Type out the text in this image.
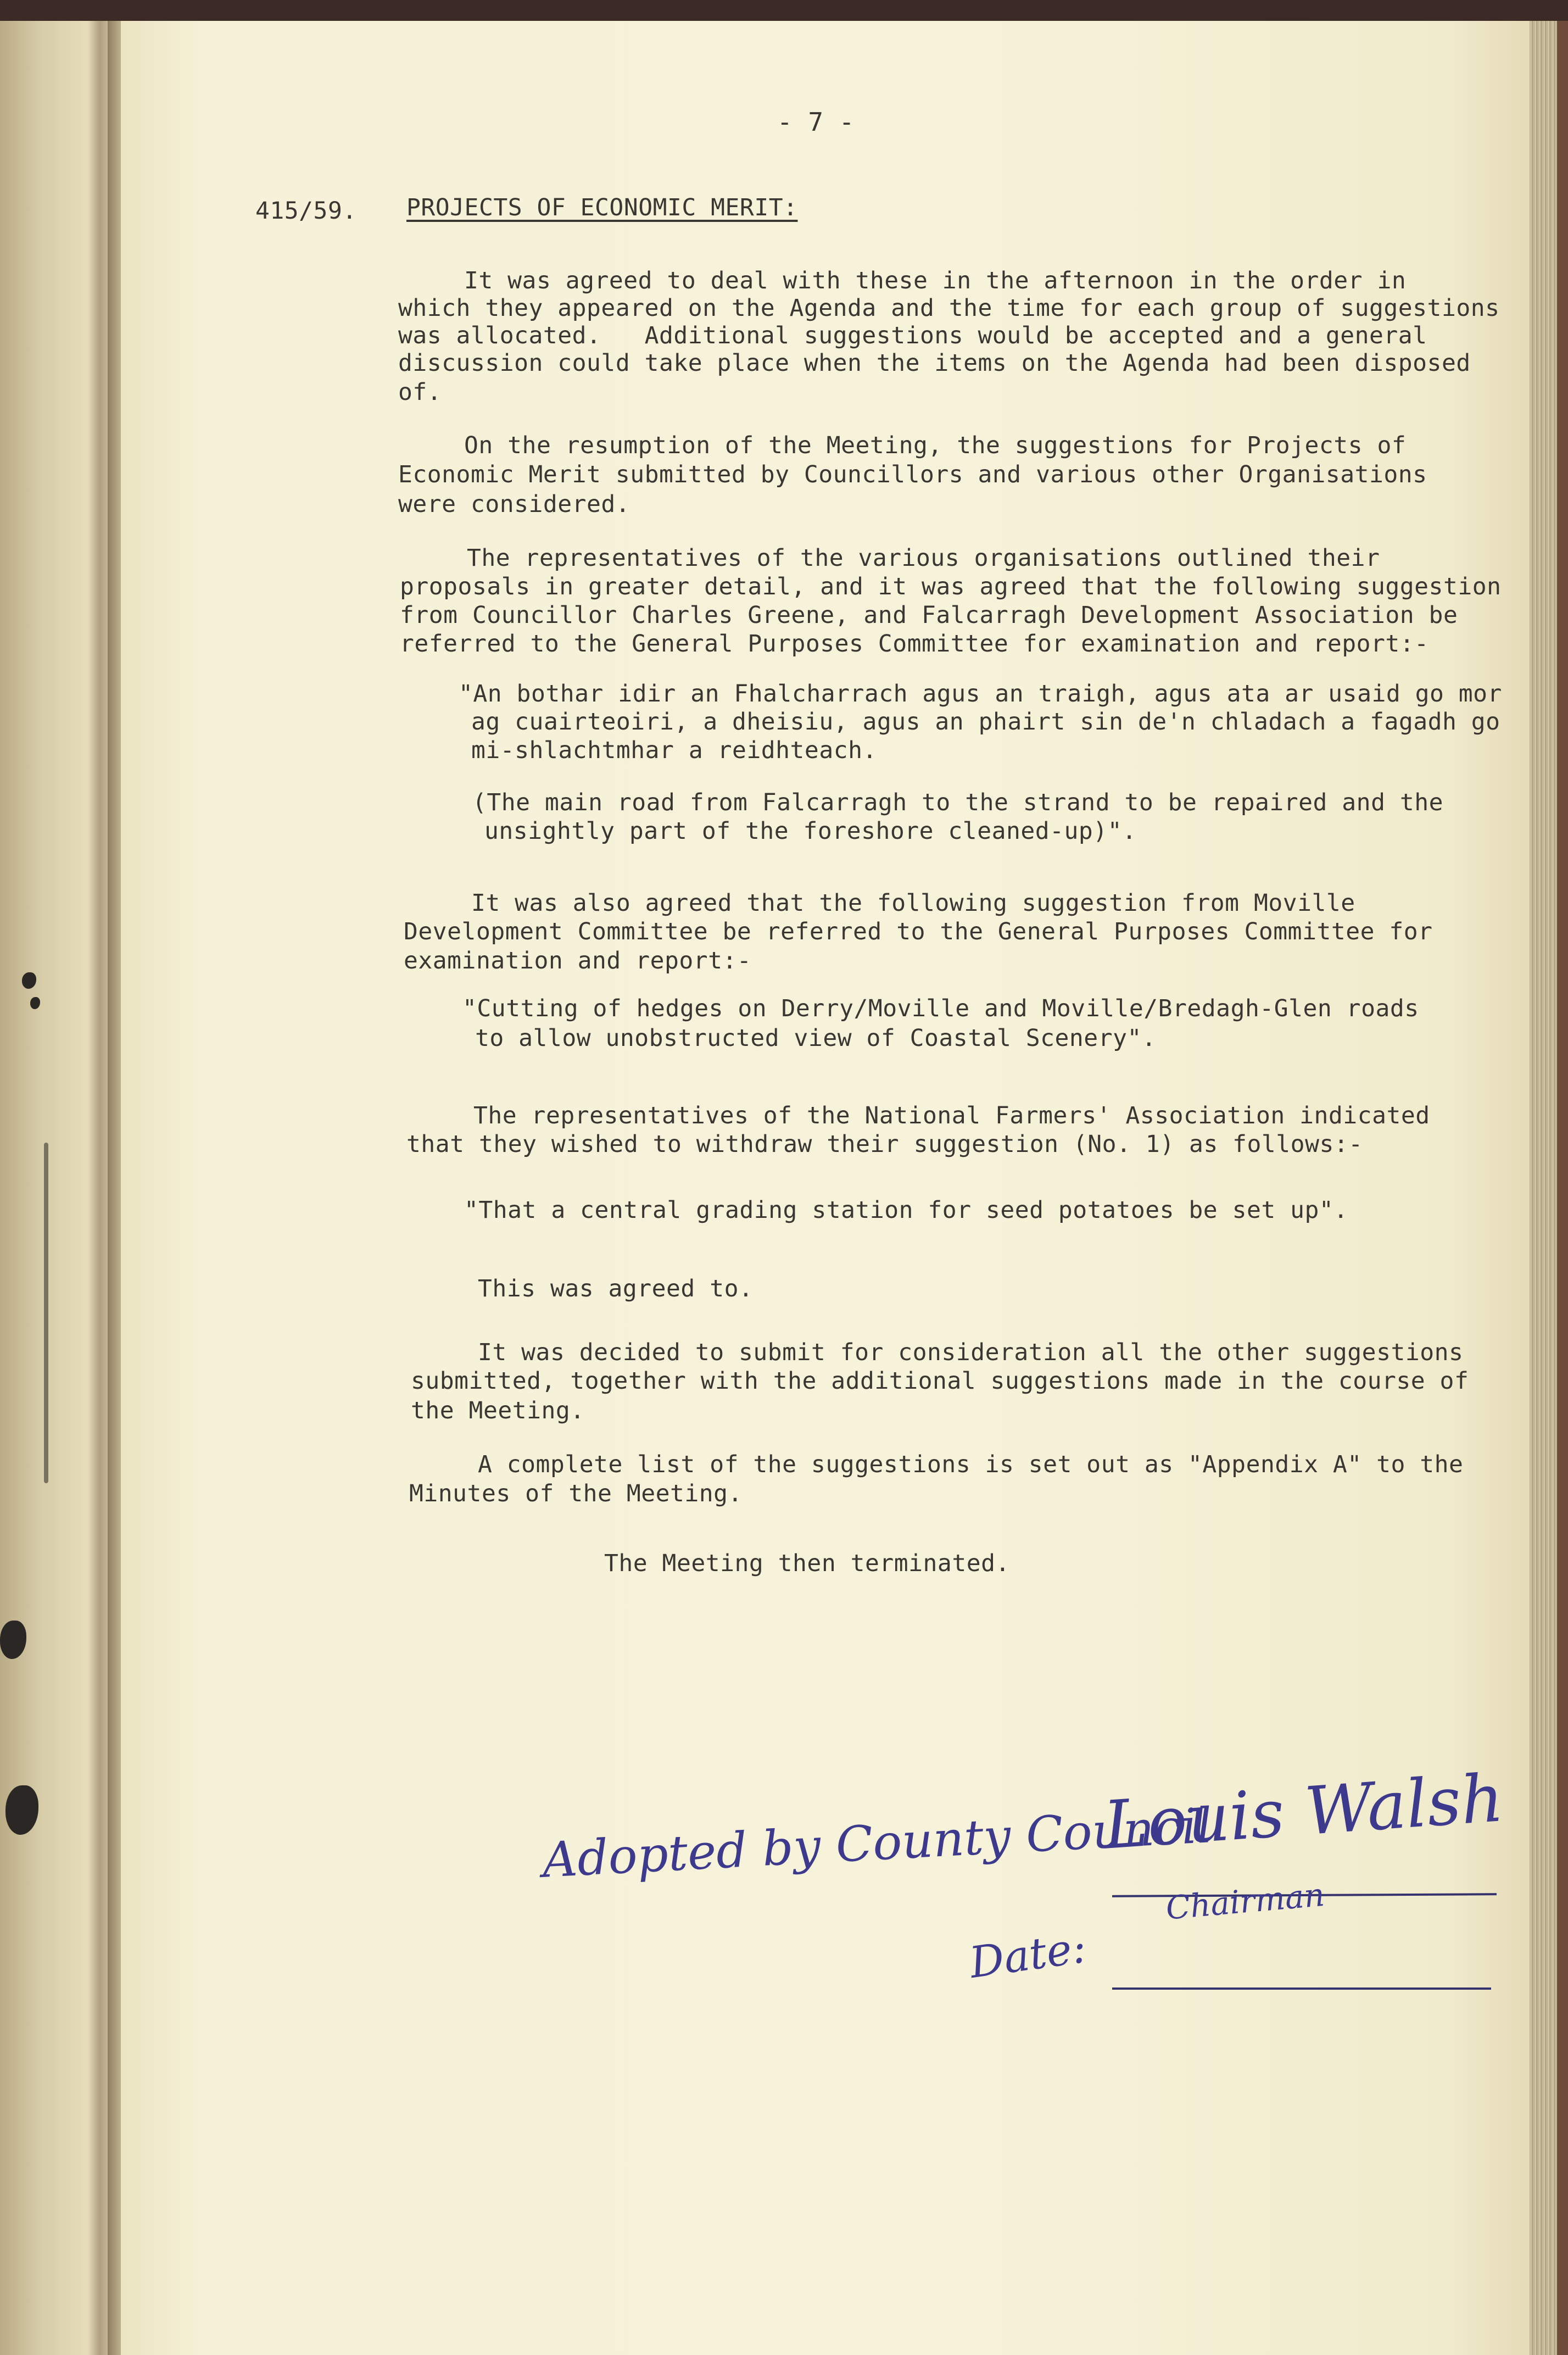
- 7 -
415/59. PROJECTS OF ECONOMIC MERIT:
It was agreed to deal with these in the afternoon in the order in
which they appeared on the Agenda and the time for each group of suggestions
was allocated.   Additional suggestions would be accepted and a general
discussion could take place when the items on the Agenda had been disposed
of.
On the resumption of the Meeting, the suggestions for Projects of
Economic Merit submitted by Councillors and various other Organisations
were considered.
The representatives of the various organisations outlined their
proposals in greater detail, and it was agreed that the following suggestion
from Councillor Charles Greene, and Falcarragh Development Association be
referred to the General Purposes Committee for examination and report:-
"An bothar idir an Fhalcharrach agus an traigh, agus ata ar usaid go mor
ag cuairteoiri, a dheisiu, agus an phairt sin de'n chladach a fagadh go
mi-shlachtmhar a reidhteach.
(The main road from Falcarragh to the strand to be repaired and the
unsightly part of the foreshore cleaned-up)".
It was also agreed that the following suggestion from Moville
Development Committee be referred to the General Purposes Committee for
examination and report:-
"Cutting of hedges on Derry/Moville and Moville/Bredagh-Glen roads
to allow unobstructed view of Coastal Scenery".
The representatives of the National Farmers' Association indicated
that they wished to withdraw their suggestion (No. 1) as follows:-
"That a central grading station for seed potatoes be set up".
This was agreed to.
It was decided to submit for consideration all the other suggestions
submitted, together with the additional suggestions made in the course of
the Meeting.
A complete list of the suggestions is set out as "Appendix A" to the
Minutes of the Meeting.
The Meeting then terminated.
Adopted by County Council
Louis Walsh
Chairman
Date:
